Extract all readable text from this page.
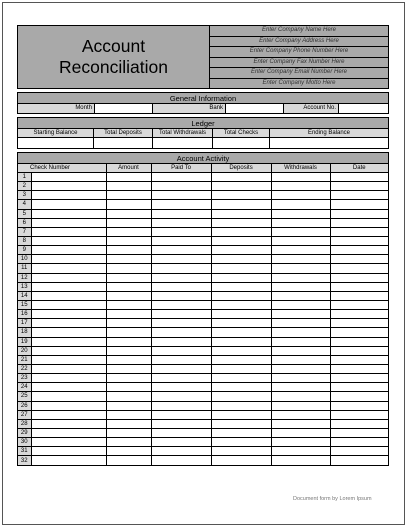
Account
Reconciliation
Enter Company Name Here
Enter Company Address Here
Enter Company Phone Number Here
Enter Company Fax Number Here
Enter Company Email Number Here
Enter Company Motto Here
General Information
Month	Bank	Account No.
Ledger
Starting Balance	Total Deposits	Total Withdrawals	Total Checks	Ending Balance
Account Activity
Check Number		Amount	Paid To	Deposits	Withdrawals	Date
1						
2						
3						
4						
5						
6						
7						
8						
9						
10						
11						
12						
13						
14						
15						
16						
17						
18						
19						
20						
21						
22						
23						
24						
25						
26						
27						
28						
29						
30						
31						
32						
Document form by Lorem Ipsum
